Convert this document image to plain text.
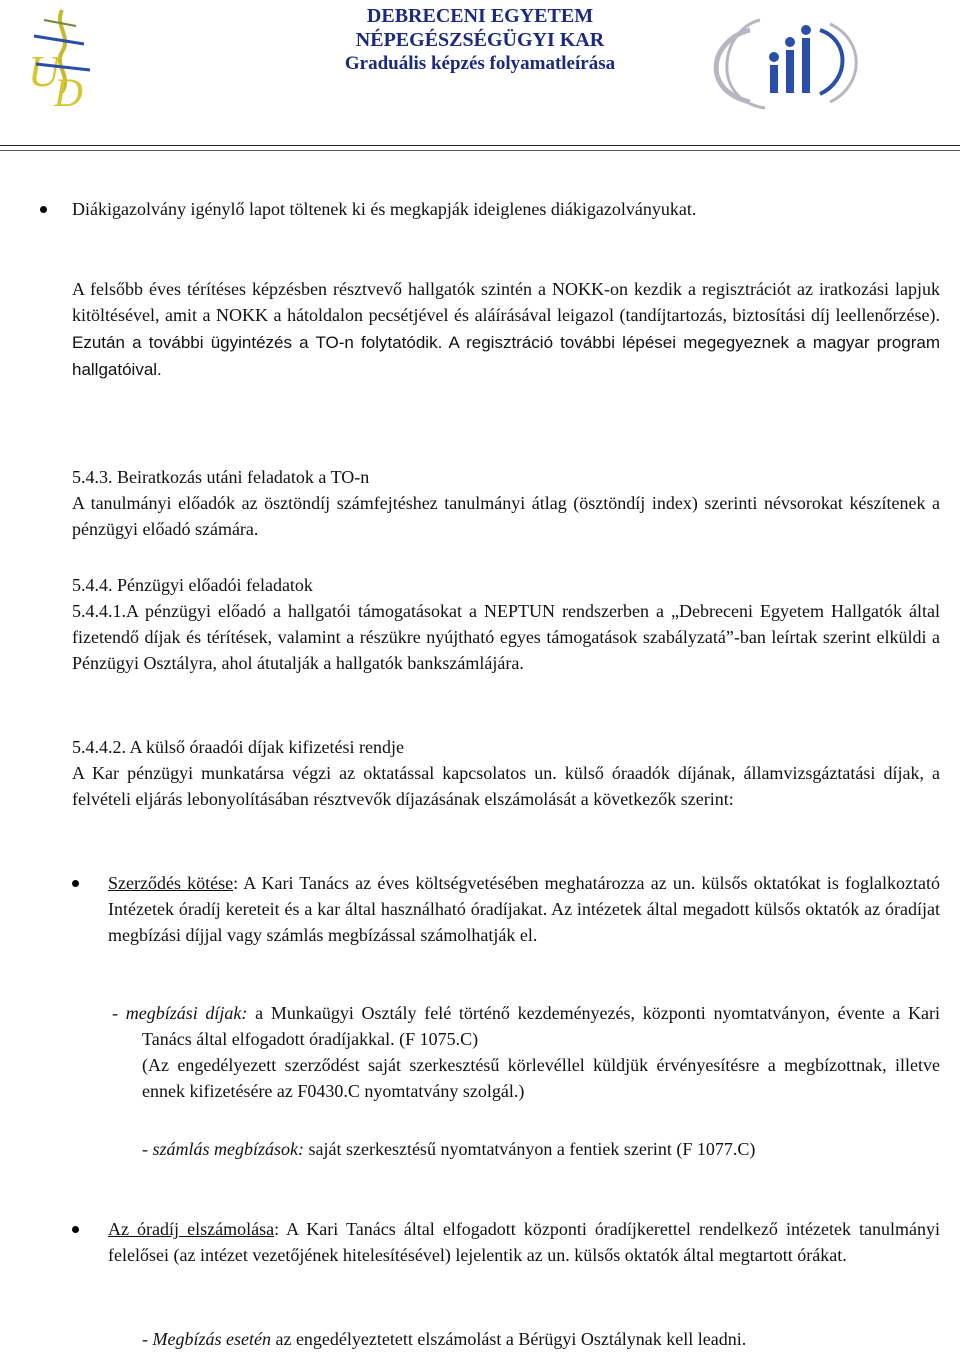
U
D
DEBRECENI EGYETEM
NÉPEGÉSZSÉGÜGYI KAR
Graduális képzés folyamatleírása

Diákigazolvány igénylő lapot töltenek ki és megkapják ideiglenes diákigazolványukat.

A felsőbb éves térítéses képzésben résztvevő hallgatók szintén a NOKK-on kezdik a regisztrációt az iratkozási lapjuk kitöltésével, amit a NOKK a hátoldalon pecsétjével és aláírásával leigazol (tandíjtartozás, biztosítási díj leellenőrzése). Ezután a további ügyintézés a TO-n folytatódik. A regisztráció további lépései megegyeznek a magyar program hallgatóival.

5.4.3. Beiratkozás utáni feladatok a TO-n

A tanulmányi előadók az ösztöndíj számfejtéshez tanulmányi átlag (ösztöndíj index) szerinti névsorokat készítenek a pénzügyi előadó számára.

5.4.4. Pénzügyi előadói feladatok

5.4.4.1.A pénzügyi előadó a hallgatói támogatásokat a NEPTUN rendszerben a „Debreceni Egyetem Hallgatók által fizetendő díjak és térítések, valamint a részükre nyújtható egyes támogatások szabályzatá”-ban leírtak szerint elküldi a Pénzügyi Osztályra, ahol átutalják a hallgatók bankszámlájára.

5.4.4.2. A külső óraadói díjak kifizetési rendje

A Kar pénzügyi munkatársa végzi az oktatással kapcsolatos un. külső óraadók díjának, államvizsgáztatási díjak, a felvételi eljárás lebonyolításában résztvevők díjazásának elszámolását a következők szerint:

Szerződés kötése: A Kari Tanács az éves költségvetésében meghatározza az un. külsős oktatókat is foglalkoztató Intézetek óradíj kereteit és a kar által használható óradíjakat. Az intézetek által megadott külsős oktatók az óradíjat megbízási díjjal vagy számlás megbízással számolhatják el.

- megbízási díjak: a Munkaügyi Osztály felé történő kezdeményezés, központi nyomtatványon, évente a Kari Tanács által elfogadott óradíjakkal. (F 1075.C)

(Az engedélyezett szerződést saját szerkesztésű körlevéllel küldjük érvényesítésre a megbízottnak, illetve ennek kifizetésére az F0430.C nyomtatvány szolgál.)

- számlás megbízások: saját szerkesztésű nyomtatványon a fentiek szerint (F 1077.C)

Az óradíj elszámolása: A Kari Tanács által elfogadott központi óradíjkerettel rendelkező intézetek tanulmányi felelősei (az intézet vezetőjének hitelesítésével) lejelentik az un. külsős oktatók által megtartott órákat.

- Megbízás esetén az engedélyeztetett elszámolást a Bérügyi Osztálynak kell leadni.
